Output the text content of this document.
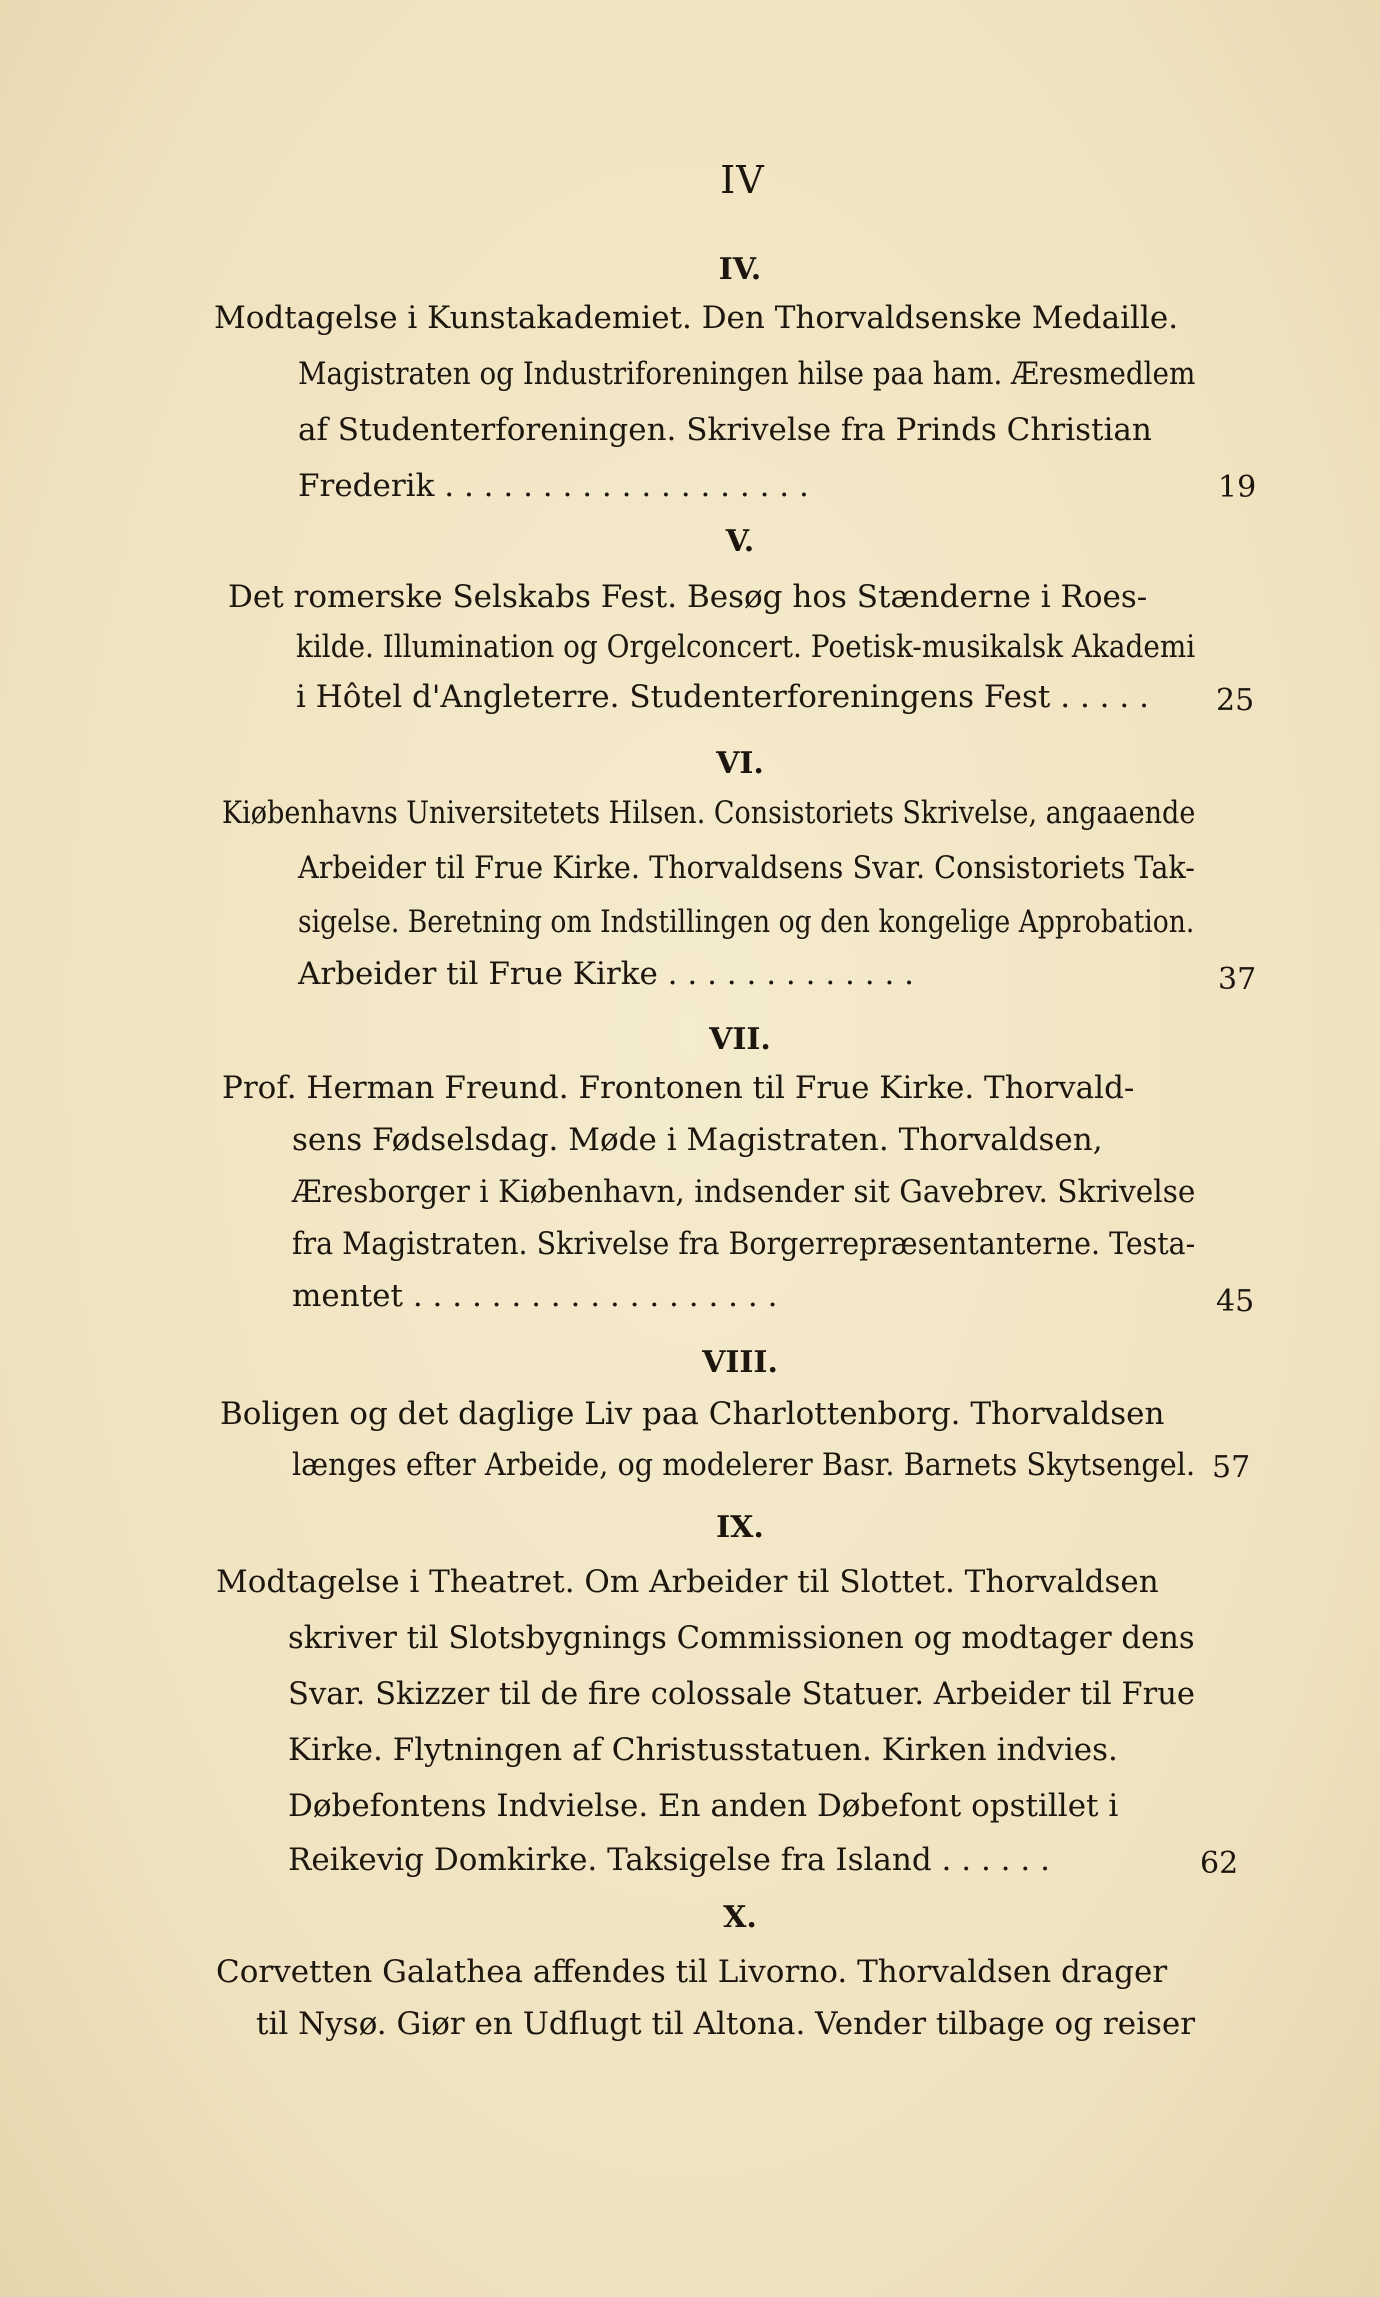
IV
IV.
Modtagelse i Kunstakademiet. Den Thorvaldsenske Medaille.
Magistraten og Industriforeningen hilse paa ham. Æresmedlem
af Studenterforeningen. Skrivelse fra Prinds Christian
Frederik . . . . . . . . . . . . . . . . . . .	19
V.
Det romerske Selskabs Fest. Besøg hos Stænderne i Roes-
kilde. Illumination og Orgelconcert. Poetisk-musikalsk Akademi
i Hôtel d'Angleterre. Studenterforeningens Fest . . . . . 25
VI.
Kiøbenhavns Universitetets Hilsen. Consistoriets Skrivelse, angaaende
Arbeider til Frue Kirke. Thorvaldsens Svar. Consistoriets Tak-
sigelse. Beretning om Indstillingen og den kongelige Approbation.
Arbeider til Frue Kirke . . . . . . . . . . . . .	37
VII.
Prof. Herman Freund. Frontonen til Frue Kirke. Thorvald-
sens Fødselsdag. Møde i Magistraten. Thorvaldsen,
Æresborger i Kiøbenhavn, indsender sit Gavebrev. Skrivelse
fra Magistraten. Skrivelse fra Borgerrepræsentanterne. Testa-
mentet . . . . . . . . . . . . . . . . . . .	45
VIII.
Boligen og det daglige Liv paa Charlottenborg. Thorvaldsen
længes efter Arbeide, og modelerer Basr. Barnets Skytsengel. 57
IX.
Modtagelse i Theatret. Om Arbeider til Slottet. Thorvaldsen
skriver til Slotsbygnings Commissionen og modtager dens
Svar. Skizzer til de fire colossale Statuer. Arbeider til Frue
Kirke. Flytningen af Christusstatuen. Kirken indvies.
Døbefontens Indvielse. En anden Døbefont opstillet i
Reikevig Domkirke. Taksigelse fra Island . . . . . .	62
X.
Corvetten Galathea affendes til Livorno. Thorvaldsen drager
til Nysø. Giør en Udflugt til Altona. Vender tilbage og reiser
